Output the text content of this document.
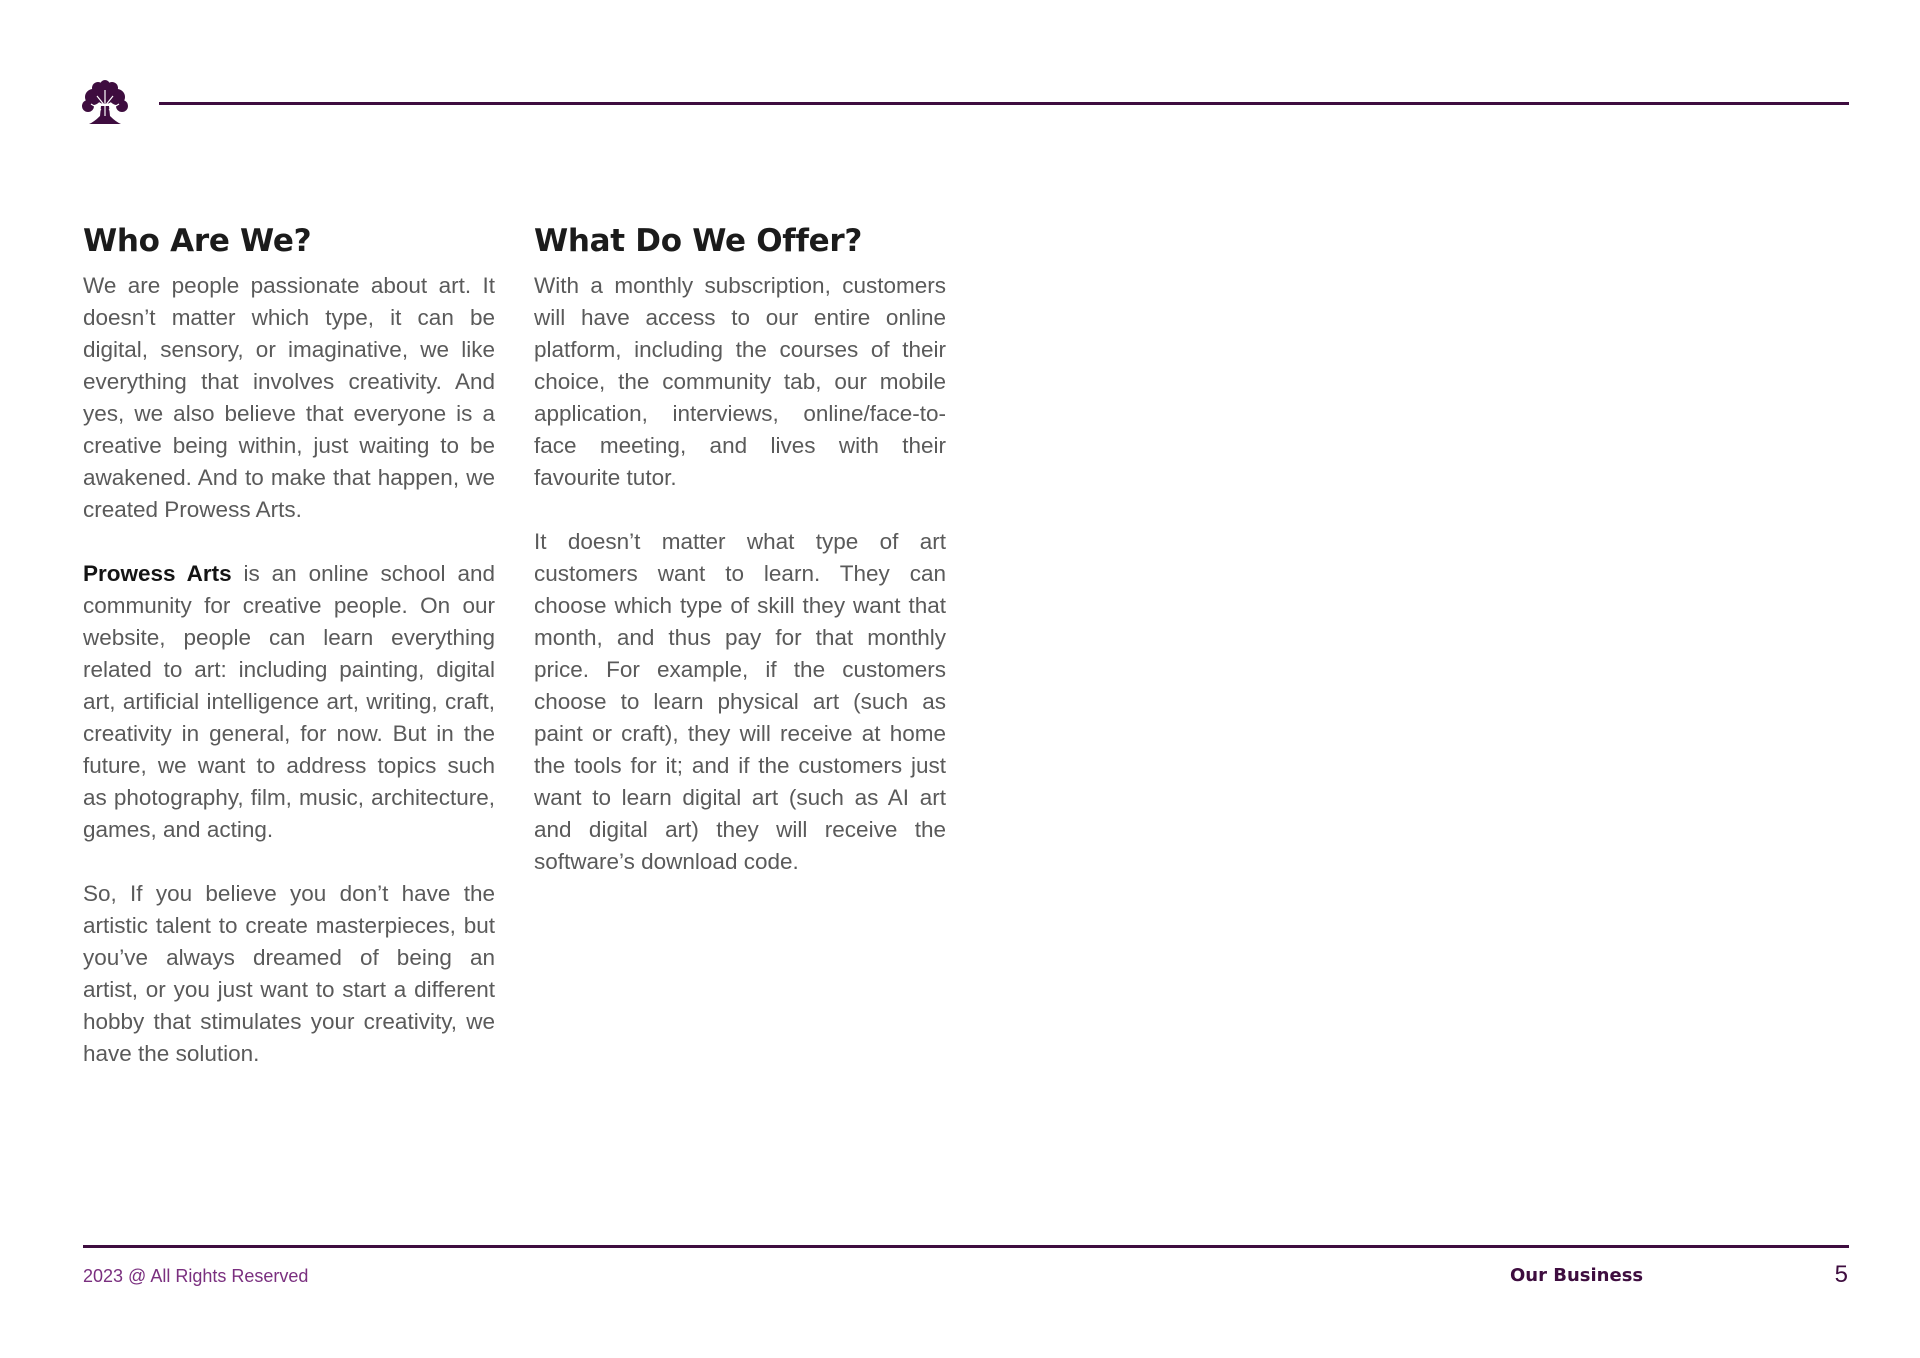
Who Are We?

We are people passionate about art. It doesn’t matter which type, it can be digital, sensory, or imaginative, we like everything that involves creativity. And yes, we also believe that everyone is a creative being within, just waiting to be awakened. And to make that happen, we created Prowess Arts.

Prowess Arts is an online school and community for creative people. On our website, people can learn everything related to art: including painting, digital art, artificial intelligence art, writing, craft, creativity in general, for now. But in the future, we want to address topics such as photography, film, music, architecture, games, and acting.

So, If you believe you don’t have the artistic talent to create masterpieces, but you’ve always dreamed of being an artist, or you just want to start a different hobby that stimulates your creativity, we have the solution.

What Do We Offer?

With a monthly subscription, customers will have access to our entire online platform, including the courses of their choice, the community tab, our mobile application, interviews, online/face-to-face meeting, and lives with their favourite tutor.

It doesn’t matter what type of art customers want to learn. They can choose which type of skill they want that month, and thus pay for that monthly price. For example, if the customers choose to learn physical art (such as paint or craft), they will receive at home the tools for it; and if the customers just want to learn digital art (such as AI art and digital art) they will receive the software’s download code.

2023 @ All Rights Reserved	Our Business	5
